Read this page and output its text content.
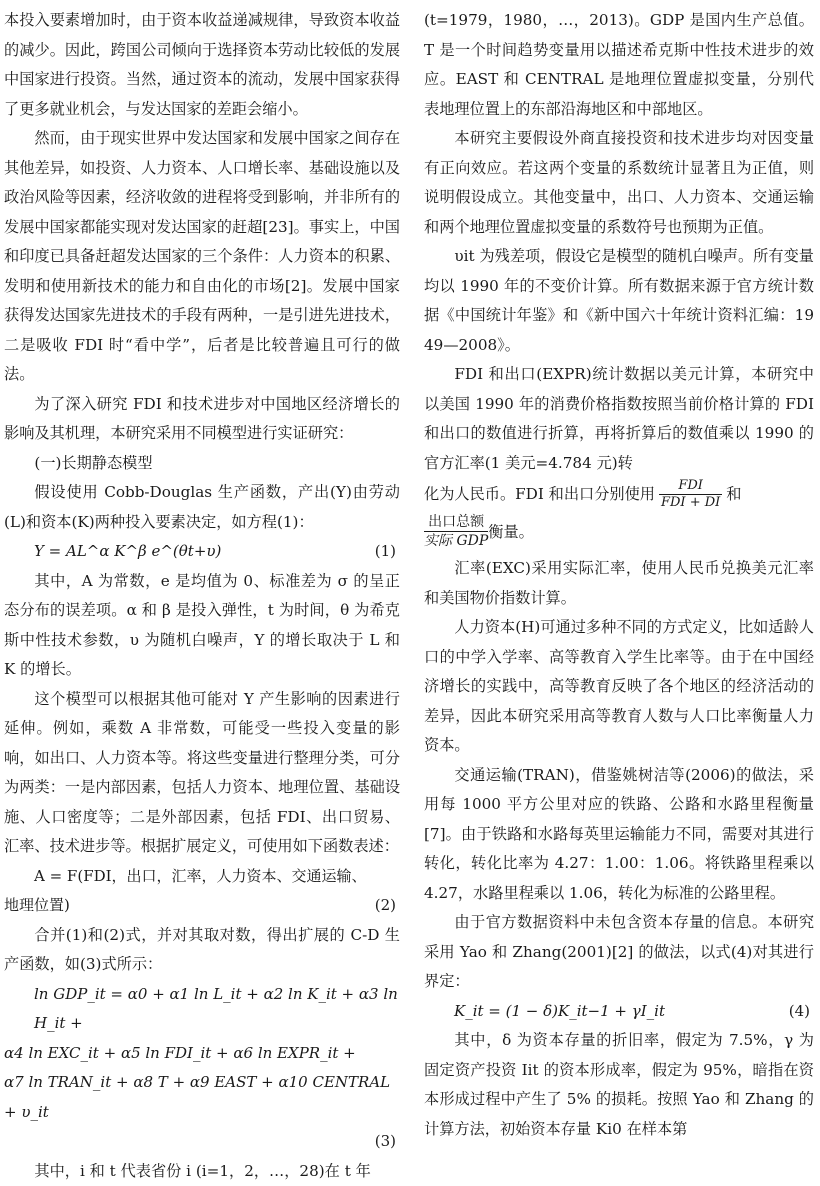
本投入要素增加时，由于资本收益递减规律，导致资本收益的减少。因此，跨国公司倾向于选择资本劳动比较低的发展中国家进行投资。当然，通过资本的流动，发展中国家获得了更多就业机会，与发达国家的差距会缩小。

然而，由于现实世界中发达国家和发展中国家之间存在其他差异，如投资、人力资本、人口增长率、基础设施以及政治风险等因素，经济收敛的进程将受到影响，并非所有的发展中国家都能实现对发达国家的赶超[23]。事实上，中国和印度已具备赶超发达国家的三个条件：人力资本的积累、发明和使用新技术的能力和自由化的市场[2]。发展中国家获得发达国家先进技术的手段有两种，一是引进先进技术，二是吸收 FDI 时“看中学”，后者是比较普遍且可行的做法。

为了深入研究 FDI 和技术进步对中国地区经济增长的影响及其机理，本研究采用不同模型进行实证研究：

(一)长期静态模型

假设使用 Cobb-Douglas 生产函数，产出(Y)由劳动(L)和资本(K)两种投入要素决定，如方程(1)：

Y = AL^α K^β e^(θt+υ)	(1)

其中，A 为常数，e 是均值为 0、标准差为 σ 的呈正态分布的误差项。α 和 β 是投入弹性，t 为时间，θ 为希克斯中性技术参数，υ 为随机白噪声，Y 的增长取决于 L 和 K 的增长。

这个模型可以根据其他可能对 Y 产生影响的因素进行延伸。例如，乘数 A 非常数，可能受一些投入变量的影响，如出口、人力资本等。将这些变量进行整理分类，可分为两类：一是内部因素，包括人力资本、地理位置、基础设施、人口密度等；二是外部因素，包括 FDI、出口贸易、汇率、技术进步等。根据扩展定义，可使用如下函数表述：

A = F(FDI，出口，汇率，人力资本、交通运输、

地理位置)	(2)

合并(1)和(2)式，并对其取对数，得出扩展的 C-D 生产函数，如(3)式所示：

ln GDP_it = α0 + α1 ln L_it + α2 ln K_it + α3 ln H_it +

α4 ln EXC_it + α5 ln FDI_it + α6 ln EXPR_it +

α7 ln TRAN_it + α8 T + α9 EAST + α10 CENTRAL + υ_it

(3)

其中，i 和 t 代表省份 i (i=1，2，…，28)在 t 年

(t=1979，1980，…，2013)。GDP 是国内生产总值。T 是一个时间趋势变量用以描述希克斯中性技术进步的效应。EAST 和 CENTRAL 是地理位置虚拟变量，分别代表地理位置上的东部沿海地区和中部地区。

本研究主要假设外商直接投资和技术进步均对因变量有正向效应。若这两个变量的系数统计显著且为正值，则说明假设成立。其他变量中，出口、人力资本、交通运输和两个地理位置虚拟变量的系数符号也预期为正值。

υit 为残差项，假设它是模型的随机白噪声。所有变量均以 1990 年的不变价计算。所有数据来源于官方统计数据《中国统计年鉴》和《新中国六十年统计资料汇编：1949—2008》。

FDI 和出口(EXPR)统计数据以美元计算，本研究中以美国 1990 年的消费价格指数按照当前价格计算的 FDI 和出口的数值进行折算，再将折算后的数值乘以 1990 的官方汇率(1 美元=4.784 元)转

化为人民币。FDI 和出口分别使用 $\frac{\text{FDI}}{\text{FDI + DI}}$ 和
出口总额
实际 GDP 衡量。

汇率(EXC)采用实际汇率，使用人民币兑换美元汇率和美国物价指数计算。

人力资本(H)可通过多种不同的方式定义，比如适龄人口的中学入学率、高等教育入学生比率等。由于在中国经济增长的实践中，高等教育反映了各个地区的经济活动的差异，因此本研究采用高等教育人数与人口比率衡量人力资本。

交通运输(TRAN)，借鉴姚树洁等(2006)的做法，采用每 1000 平方公里对应的铁路、公路和水路里程衡量[7]。由于铁路和水路每英里运输能力不同，需要对其进行转化，转化比率为 4.27：1.00：1.06。将铁路里程乘以 4.27，水路里程乘以 1.06，转化为标准的公路里程。

由于官方数据资料中未包含资本存量的信息。本研究采用 Yao 和 Zhang(2001)[2] 的做法，以式(4)对其进行界定：

K_it = (1 − δ)K_it−1 + γI_it	(4)

其中，δ 为资本存量的折旧率，假定为 7.5%，γ 为固定资产投资 Iit 的资本形成率，假定为 95%，暗指在资本形成过程中产生了 5% 的损耗。按照 Yao 和 Zhang 的计算方法，初始资本存量 Ki0 在样本第
